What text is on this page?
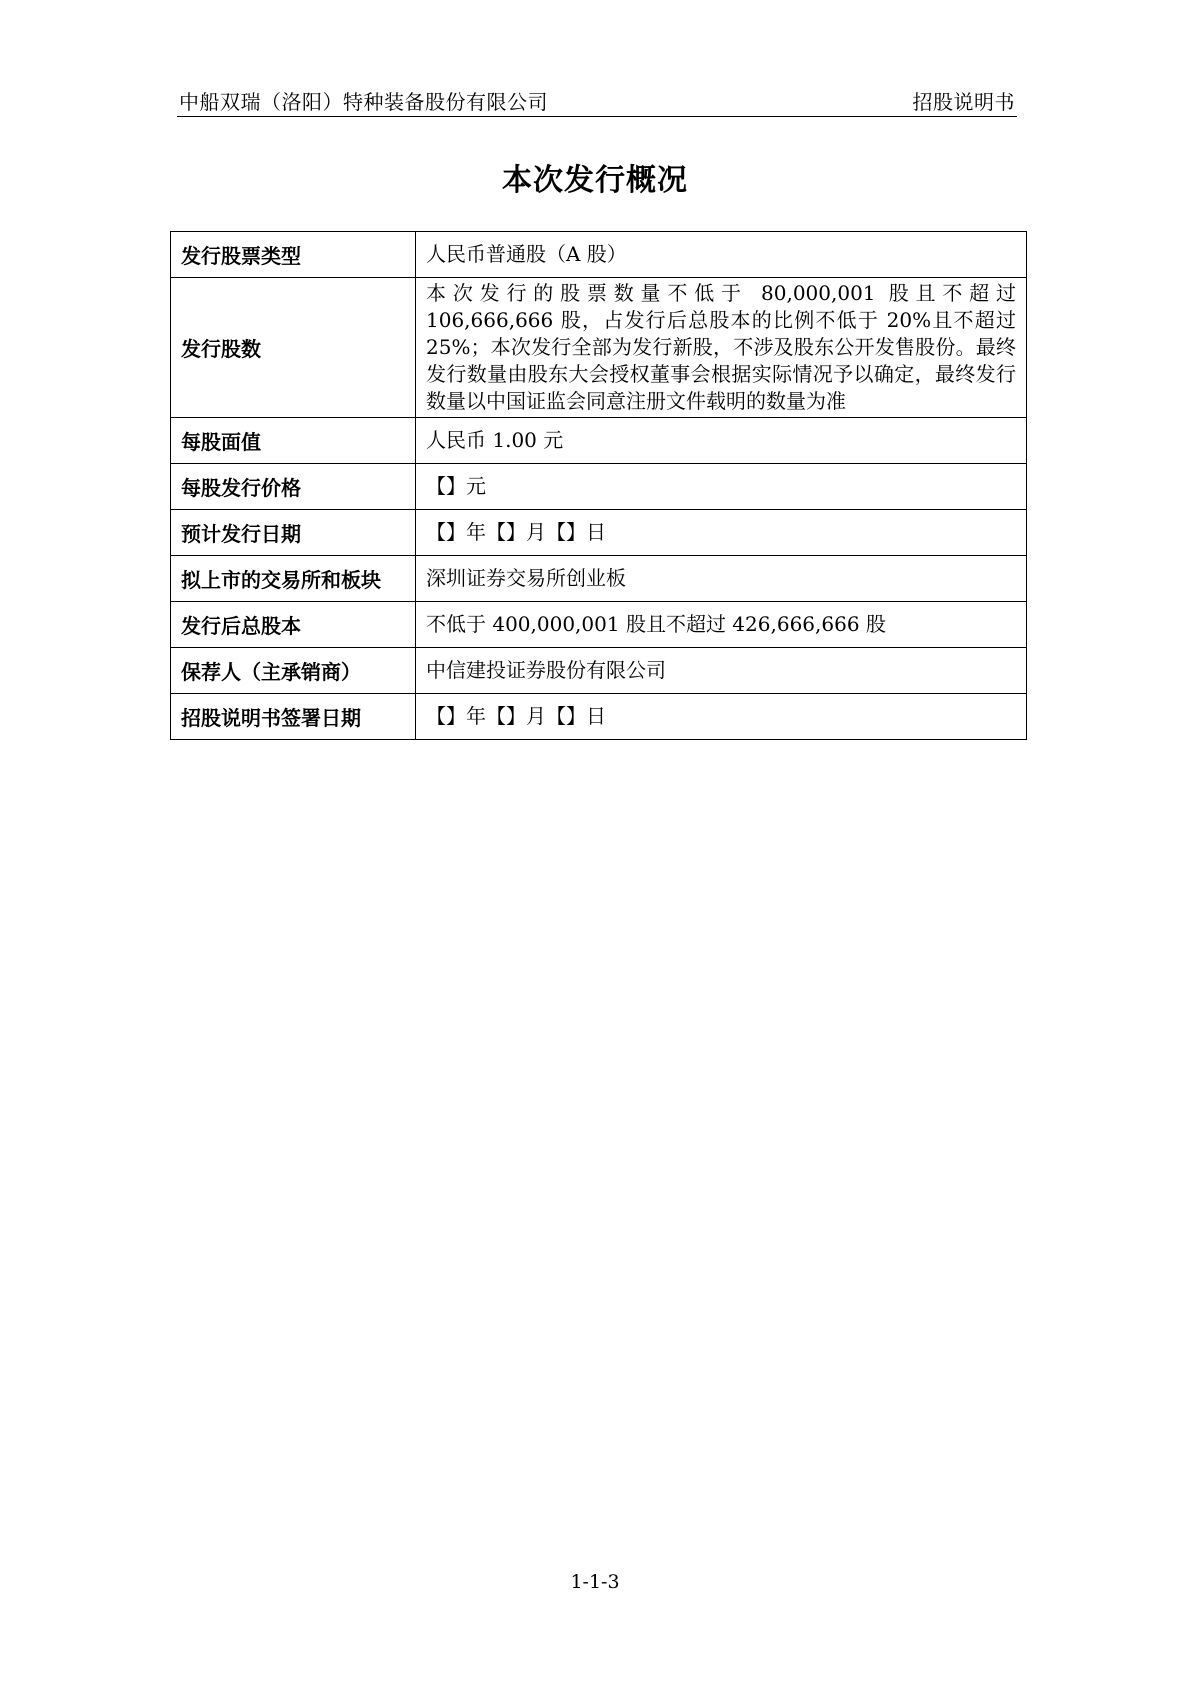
中船双瑞（洛阳）特种装备股份有限公司	招股说明书
本次发行概况
发行股票类型	人民币普通股（A 股）
发行股数	本次发行的股票数量不低于 80,000,001 股且不超过 106,666,666 股，占发行后总股本的比例不低于 20%且不超过 25%；本次发行全部为发行新股，不涉及股东公开发售股份。最终发行数量由股东大会授权董事会根据实际情况予以确定，最终发行数量以中国证监会同意注册文件载明的数量为准
每股面值	人民币 1.00 元
每股发行价格	【】元
预计发行日期	【】年【】月【】日
拟上市的交易所和板块	深圳证券交易所创业板
发行后总股本	不低于 400,000,001 股且不超过 426,666,666 股
保荐人（主承销商）	中信建投证券股份有限公司
招股说明书签署日期	【】年【】月【】日
1-1-3
